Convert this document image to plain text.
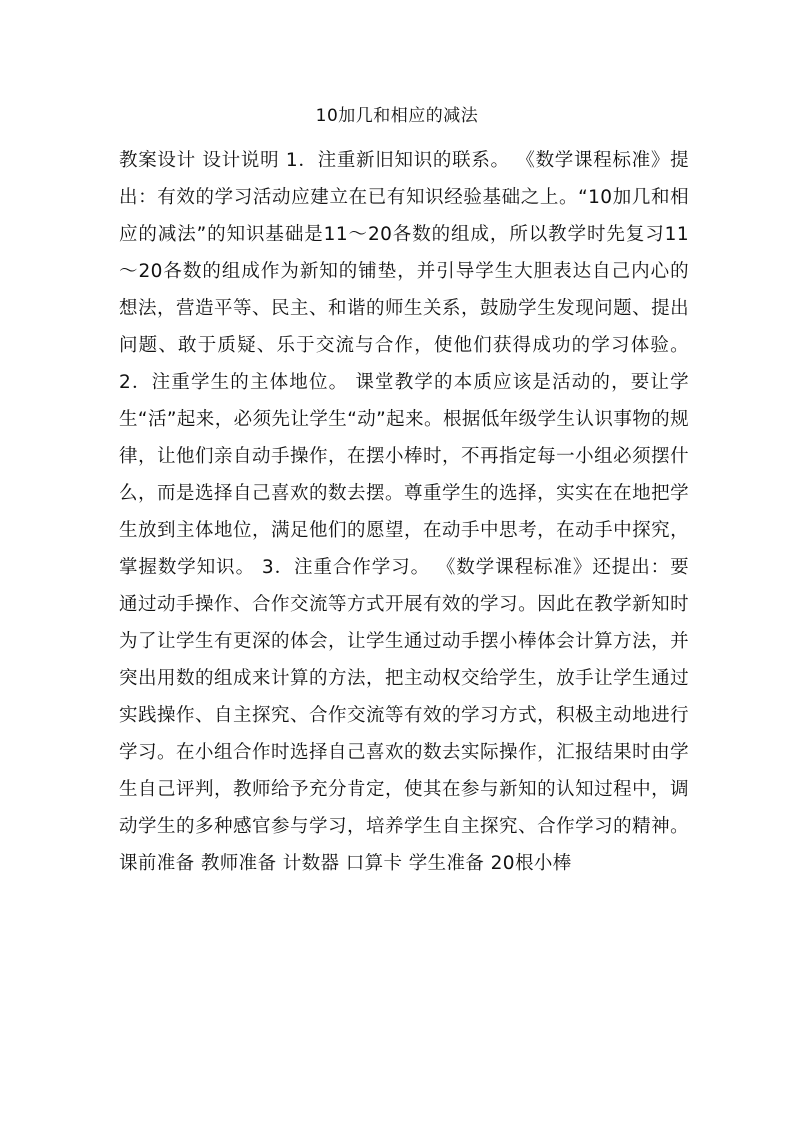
10加几和相应的减法

教案设计 设计说明 1．注重新旧知识的联系。 《数学课程标准》提出：有效的学习活动应建立在已有知识经验基础之上。“10加几和相应的减法”的知识基础是11～20各数的组成，所以教学时先复习11～20各数的组成作为新知的铺垫，并引导学生大胆表达自己内心的想法，营造平等、民主、和谐的师生关系，鼓励学生发现问题、提出问题、敢于质疑、乐于交流与合作，使他们获得成功的学习体验。 2．注重学生的主体地位。 课堂教学的本质应该是活动的，要让学生“活”起来，必须先让学生“动”起来。根据低年级学生认识事物的规律，让他们亲自动手操作，在摆小棒时，不再指定每一小组必须摆什么，而是选择自己喜欢的数去摆。尊重学生的选择，实实在在地把学生放到主体地位，满足他们的愿望，在动手中思考，在动手中探究，掌握数学知识。 3．注重合作学习。 《数学课程标准》还提出：要通过动手操作、合作交流等方式开展有效的学习。因此在教学新知时为了让学生有更深的体会，让学生通过动手摆小棒体会计算方法，并突出用数的组成来计算的方法，把主动权交给学生，放手让学生通过实践操作、自主探究、合作交流等有效的学习方式，积极主动地进行学习。在小组合作时选择自己喜欢的数去实际操作，汇报结果时由学生自己评判，教师给予充分肯定，使其在参与新知的认知过程中，调动学生的多种感官参与学习，培养学生自主探究、合作学习的精神。 课前准备 教师准备 计数器 口算卡 学生准备 20根小棒
